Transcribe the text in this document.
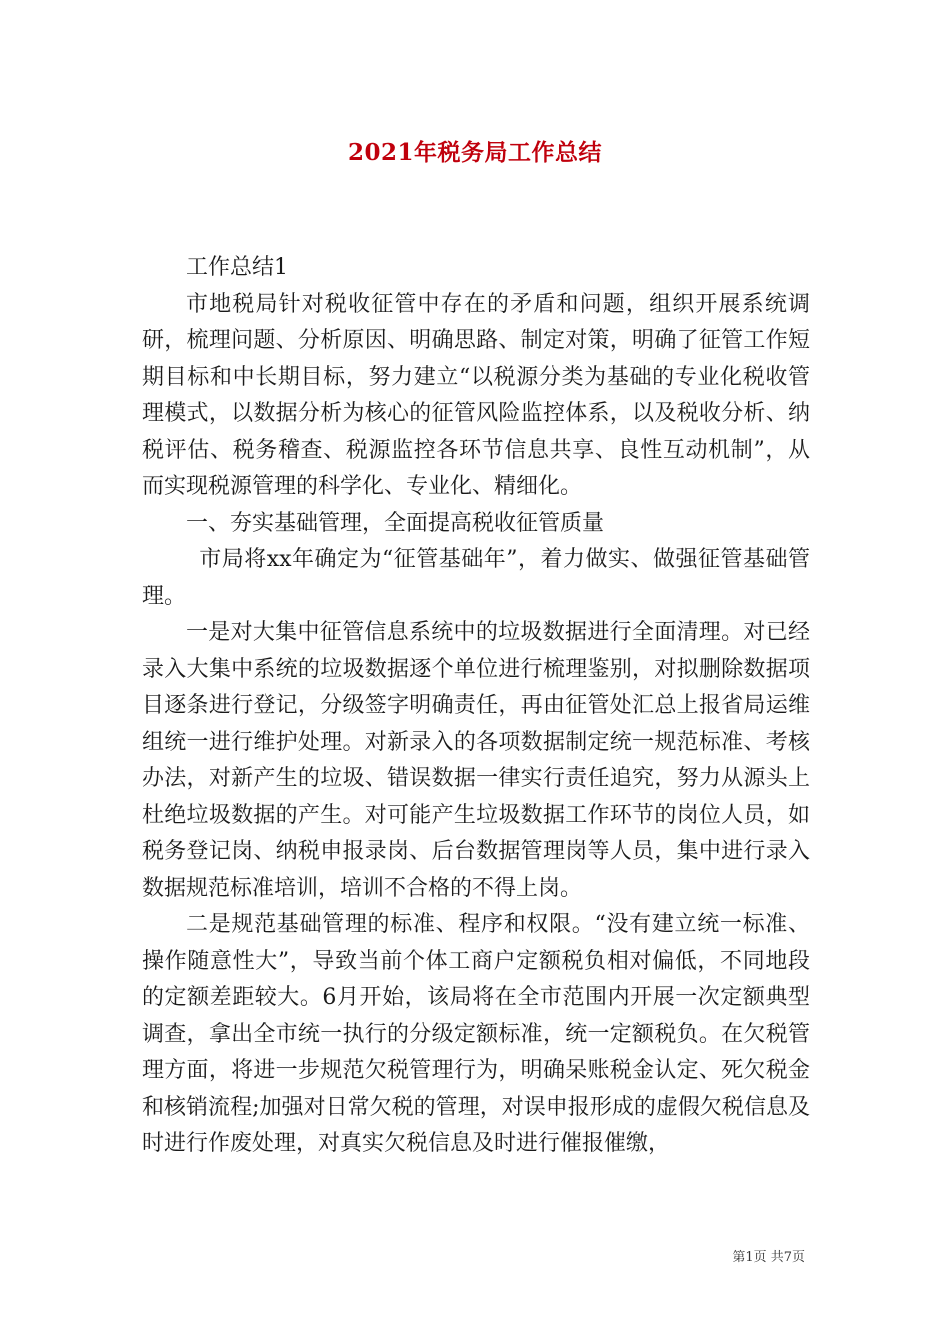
2021年税务局工作总结

工作总结1

市地税局针对税收征管中存在的矛盾和问题，组织开展系统调研，梳理问题、分析原因、明确思路、制定对策，明确了征管工作短期目标和中长期目标，努力建立“以税源分类为基础的专业化税收管理模式，以数据分析为核心的征管风险监控体系，以及税收分析、纳税评估、税务稽查、税源监控各环节信息共享、良性互动机制”，从而实现税源管理的科学化、专业化、精细化。

一、夯实基础管理，全面提高税收征管质量

市局将xx年确定为“征管基础年”，着力做实、做强征管基础管理。

一是对大集中征管信息系统中的垃圾数据进行全面清理。对已经录入大集中系统的垃圾数据逐个单位进行梳理鉴别，对拟删除数据项目逐条进行登记，分级签字明确责任，再由征管处汇总上报省局运维组统一进行维护处理。对新录入的各项数据制定统一规范标准、考核办法，对新产生的垃圾、错误数据一律实行责任追究，努力从源头上杜绝垃圾数据的产生。对可能产生垃圾数据工作环节的岗位人员，如税务登记岗、纳税申报录岗、后台数据管理岗等人员，集中进行录入数据规范标准培训，培训不合格的不得上岗。

二是规范基础管理的标准、程序和权限。“没有建立统一标准、操作随意性大”，导致当前个体工商户定额税负相对偏低，不同地段的定额差距较大。6月开始，该局将在全市范围内开展一次定额典型调查，拿出全市统一执行的分级定额标准，统一定额税负。在欠税管理方面，将进一步规范欠税管理行为，明确呆账税金认定、死欠税金和核销流程;加强对日常欠税的管理，对误申报形成的虚假欠税信息及时进行作废处理，对真实欠税信息及时进行催报催缴，

第1页 共7页
